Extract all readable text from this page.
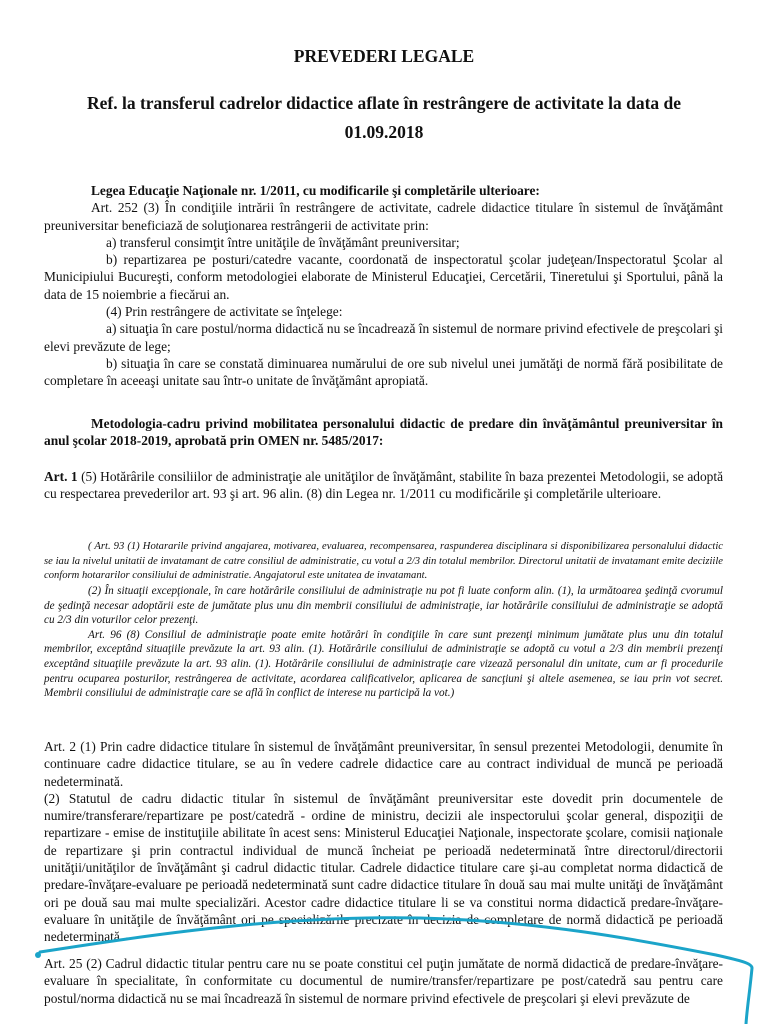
PREVEDERI LEGALE
Ref. la transferul cadrelor didactice aflate în restrângere de activitate la data de
01.09.2018

Legea Educaţie Naţionale nr. 1/2011, cu modificarile şi completările ulterioare:

Art. 252 (3) În condiţiile intrării în restrângere de activitate, cadrele didactice titulare în sistemul de învăţământ preuniversitar beneficiază de soluţionarea restrângerii de activitate prin:

a) transferul consimţit între unităţile de învăţământ preuniversitar;

b) repartizarea pe posturi/catedre vacante, coordonată de inspectoratul şcolar judeţean/Inspectoratul Şcolar al Municipiului Bucureşti, conform metodologiei elaborate de Ministerul Educaţiei, Cercetării, Tineretului şi Sportului, până la data de 15 noiembrie a fiecărui an.

(4) Prin restrângere de activitate se înţelege:

a) situaţia în care postul/norma didactică nu se încadrează în sistemul de normare privind efectivele de preşcolari şi elevi prevăzute de lege;

b) situaţia în care se constată diminuarea numărului de ore sub nivelul unei jumătăţi de normă fără posibilitate de completare în aceeaşi unitate sau într-o unitate de învăţământ apropiată.

Metodologia-cadru privind mobilitatea personalului didactic de predare din învăţământul preuniversitar în anul şcolar 2018-2019, aprobată prin OMEN nr. 5485/2017:

Art. 1 (5) Hotărârile consiliilor de administraţie ale unităţilor de învăţământ, stabilite în baza prezentei Metodologii, se adoptă cu respectarea prevederilor art. 93 şi art. 96 alin. (8) din Legea nr. 1/2011 cu modificările şi completările ulterioare.

( Art. 93 (1) Hotararile privind angajarea, motivarea, evaluarea, recompensarea, raspunderea disciplinara si disponibilizarea personalului didactic se iau la nivelul unitatii de invatamant de catre consiliul de administratie, cu votul a 2/3 din totalul membrilor. Directorul unitatii de invatamant emite deciziile conform hotararilor consiliului de administratie. Angajatorul este unitatea de invatamant.

(2) În situaţii excepţionale, în care hotărârile consiliului de administraţie nu pot fi luate conform alin. (1), la următoarea şedinţă cvorumul de şedinţă necesar adoptării este de jumătate plus unu din membrii consiliului de administraţie, iar hotărârile consiliului de administraţie se adoptă cu 2/3 din voturilor celor prezenţi.

Art. 96 (8) Consiliul de administraţie poate emite hotărâri în condiţiile în care sunt prezenţi minimum jumătate plus unu din totalul membrilor, exceptând situaţiile prevăzute la art. 93 alin. (1). Hotărârile consiliului de administraţie se adoptă cu votul a 2/3 din membrii prezenţi exceptând situaţiile prevăzute la art. 93 alin. (1). Hotărârile consiliului de administraţie care vizează personalul din unitate, cum ar fi procedurile pentru ocuparea posturilor, restrângerea de activitate, acordarea calificativelor, aplicarea de sancţiuni şi altele asemenea, se iau prin vot secret. Membrii consiliului de administraţie care se află în conflict de interese nu participă la vot.)

Art. 2 (1) Prin cadre didactice titulare în sistemul de învăţământ preuniversitar, în sensul prezentei Metodologii, denumite în continuare cadre didactice titulare, se au în vedere cadrele didactice care au contract individual de muncă pe perioadă nedeterminată.

(2) Statutul de cadru didactic titular în sistemul de învăţământ preuniversitar este dovedit prin documentele de numire/transferare/repartizare pe post/catedră - ordine de ministru, decizii ale inspectorului şcolar general, dispoziţii de repartizare - emise de instituţiile abilitate în acest sens: Ministerul Educaţiei Naţionale, inspectorate şcolare, comisii naţionale de repartizare şi prin contractul individual de muncă încheiat pe perioadă nedeterminată între directorul/directorii unităţii/unităţilor de învăţământ şi cadrul didactic titular. Cadrele didactice titulare care şi-au completat norma didactică de predare-învăţare-evaluare pe perioadă nedeterminată sunt cadre didactice titulare în două sau mai multe unităţi de învăţământ ori pe două sau mai multe specializări. Acestor cadre didactice titulare li se va constitui norma didactică predare-învăţare-evaluare în unităţile de învăţământ ori pe specializările precizate în decizia de completare de normă didactică pe perioadă nedeterminată.

Art. 25 (2) Cadrul didactic titular pentru care nu se poate constitui cel puţin jumătate de normă didactică de predare-învăţare-evaluare în specialitate, în conformitate cu documentul de numire/transfer/repartizare pe post/catedră sau pentru care postul/norma didactică nu se mai încadrează în sistemul de normare privind efectivele de preşcolari şi elevi prevăzute de
